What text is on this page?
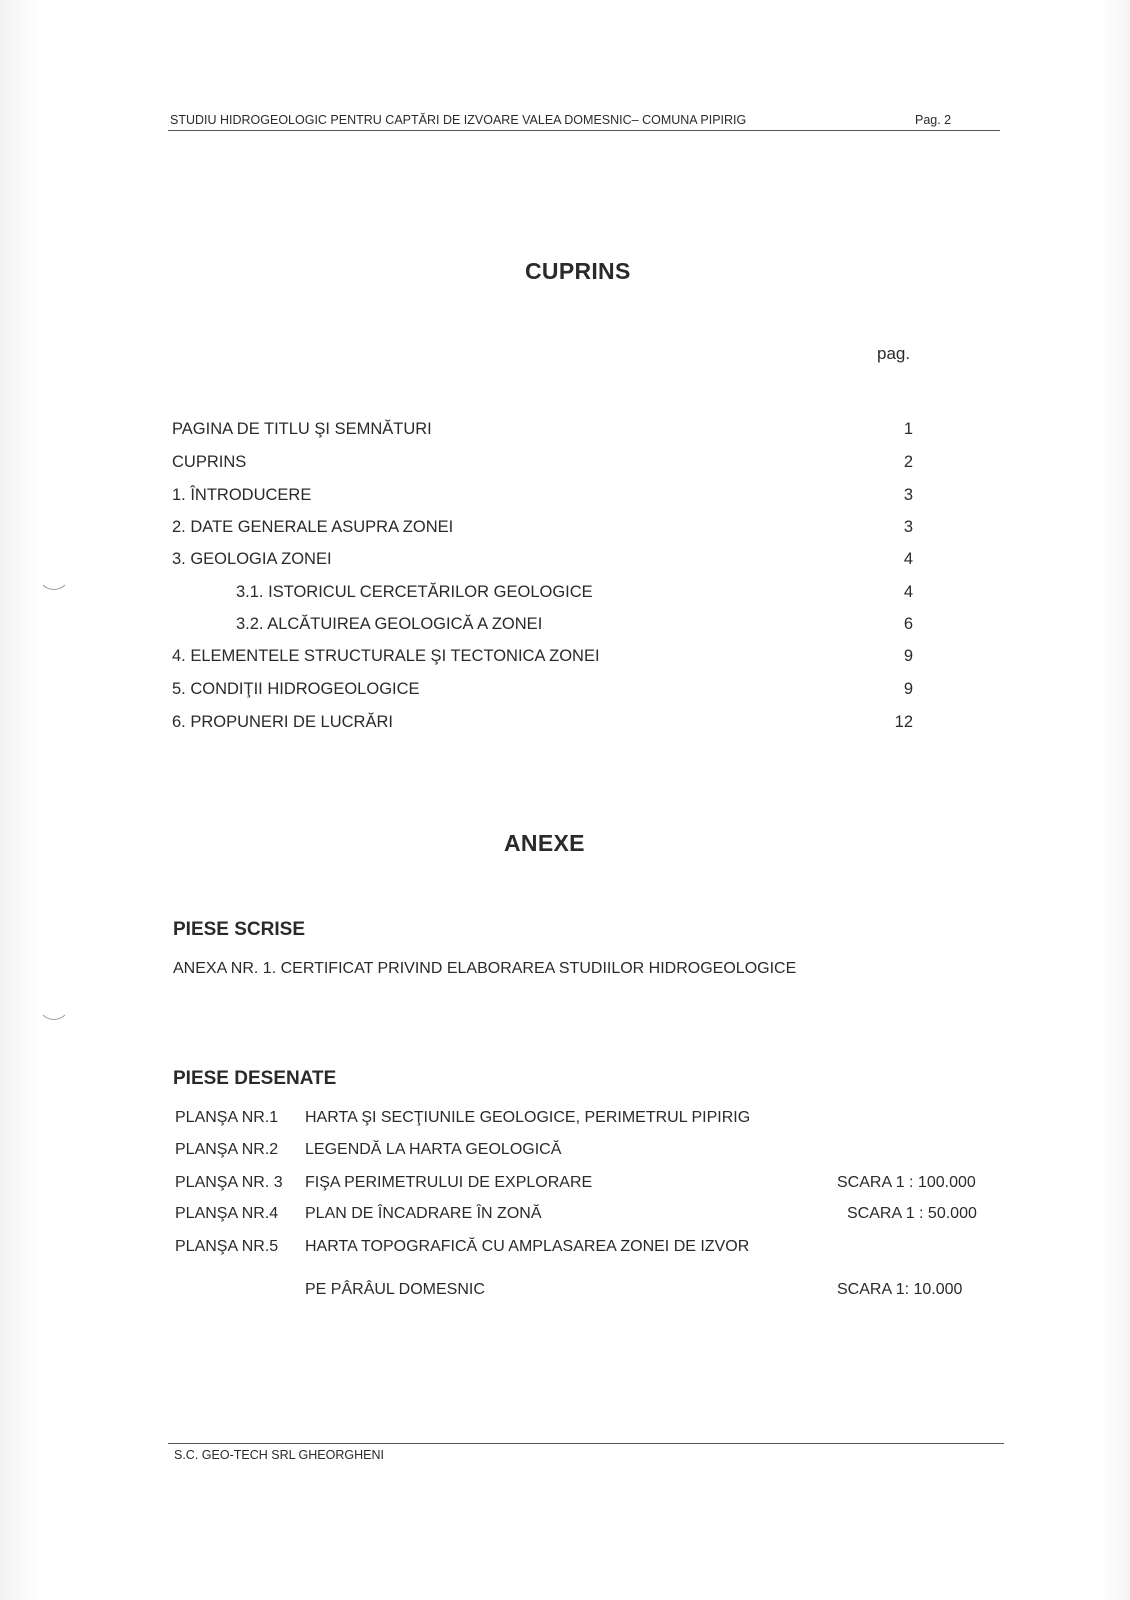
STUDIU HIDROGEOLOGIC PENTRU CAPTĂRI DE IZVOARE VALEA DOMESNIC– COMUNA PIPIRIG	Pag. 2
CUPRINS
pag.
PAGINA DE TITLU ŞI SEMNĂTURI	1
CUPRINS	2
1. ÎNTRODUCERE	3
2. DATE GENERALE ASUPRA ZONEI	3
3. GEOLOGIA ZONEI	4
3.1. ISTORICUL CERCETĂRILOR GEOLOGICE	4
3.2. ALCĂTUIREA GEOLOGICĂ A ZONEI	6
4. ELEMENTELE STRUCTURALE ŞI TECTONICA ZONEI	9
5. CONDIŢII HIDROGEOLOGICE	9
6. PROPUNERI DE LUCRĂRI	12
ANEXE
PIESE SCRISE
ANEXA NR. 1. CERTIFICAT PRIVIND ELABORAREA STUDIILOR HIDROGEOLOGICE
PIESE DESENATE
PLANŞA NR.1 HARTA ŞI SECŢIUNILE GEOLOGICE, PERIMETRUL PIPIRIG
PLANŞA NR.2 LEGENDĂ LA HARTA GEOLOGICĂ
PLANŞA NR. 3 FIŞA PERIMETRULUI DE EXPLORARE	SCARA 1 : 100.000
PLANŞA NR.4 PLAN DE ÎNCADRARE ÎN ZONĂ	SCARA 1 : 50.000
PLANŞA NR.5 HARTA TOPOGRAFICĂ CU AMPLASAREA ZONEI DE IZVOR
PE PÂRÂUL DOMESNIC	SCARA 1: 10.000
S.C. GEO-TECH SRL GHEORGHENI
